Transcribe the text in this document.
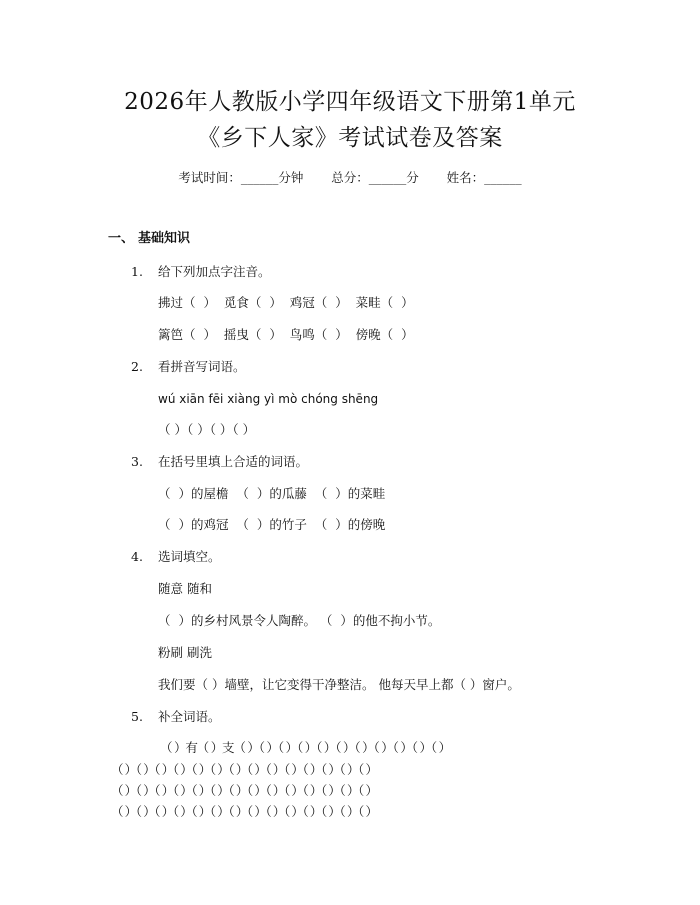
2026年人教版小学四年级语文下册第1单元
《乡下人家》考试试卷及答案
考试时间：______分钟 总分：______分 姓名：______
一、 基础知识
1. 给下列加点字注音。
拂过（  ）  觅食（  ）  鸡冠（  ）  菜畦（  ）
篱笆（  ）  摇曳（  ）  鸟鸣（  ）  傍晚（  ）
2. 看拼音写词语。
wú xiān fēi xiàng yì mò chóng shēng
（ ）（ ）（ ）（ ）
3. 在括号里填上合适的词语。
（  ）的屋檐  （  ）的瓜藤  （  ）的菜畦
（  ）的鸡冠  （  ）的竹子  （  ）的傍晚
4. 选词填空。
随意 随和
（  ）的乡村风景令人陶醉。 （  ）的他不拘小节。
粉刷 刷洗
我们要（ ）墙壁，让它变得干净整洁。 他每天早上都（ ）窗户。
5. 补全词语。
（ ）有（ ）支（ ）（ ）（ ）（ ）（ ）（ ）（ ）（ ）（ ）（ ）（ ）
（ ）（ ）（ ）（ ）（ ）（ ）（ ）（ ）（ ）（ ）（ ）（ ）（ ）（ ）
（ ）（ ）（ ）（ ）（ ）（ ）（ ）（ ）（ ）（ ）（ ）（ ）（ ）（ ）
（ ）（ ）（ ）（ ）（ ）（ ）（ ）（ ）（ ）（ ）（ ）（ ）（ ）（ ）
